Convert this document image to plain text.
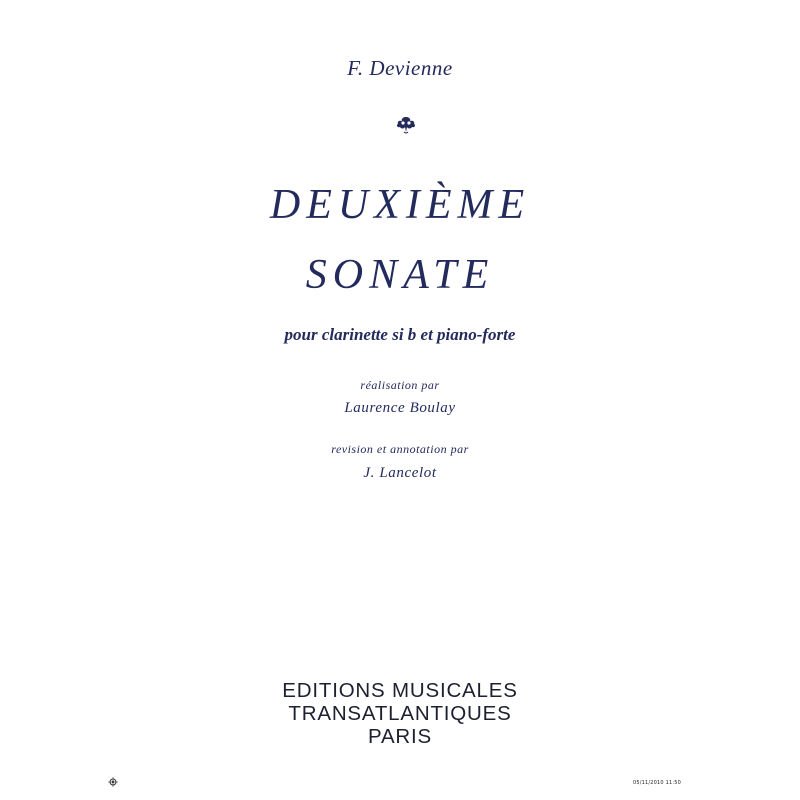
F. Devienne
DEUXIÈME
SONATE
pour clarinette si b et piano-forte
réalisation par
Laurence Boulay
revision et annotation par
J. Lancelot
EDITIONS MUSICALES
TRANSATLANTIQUES
PARIS
05/11/2010 11:50
